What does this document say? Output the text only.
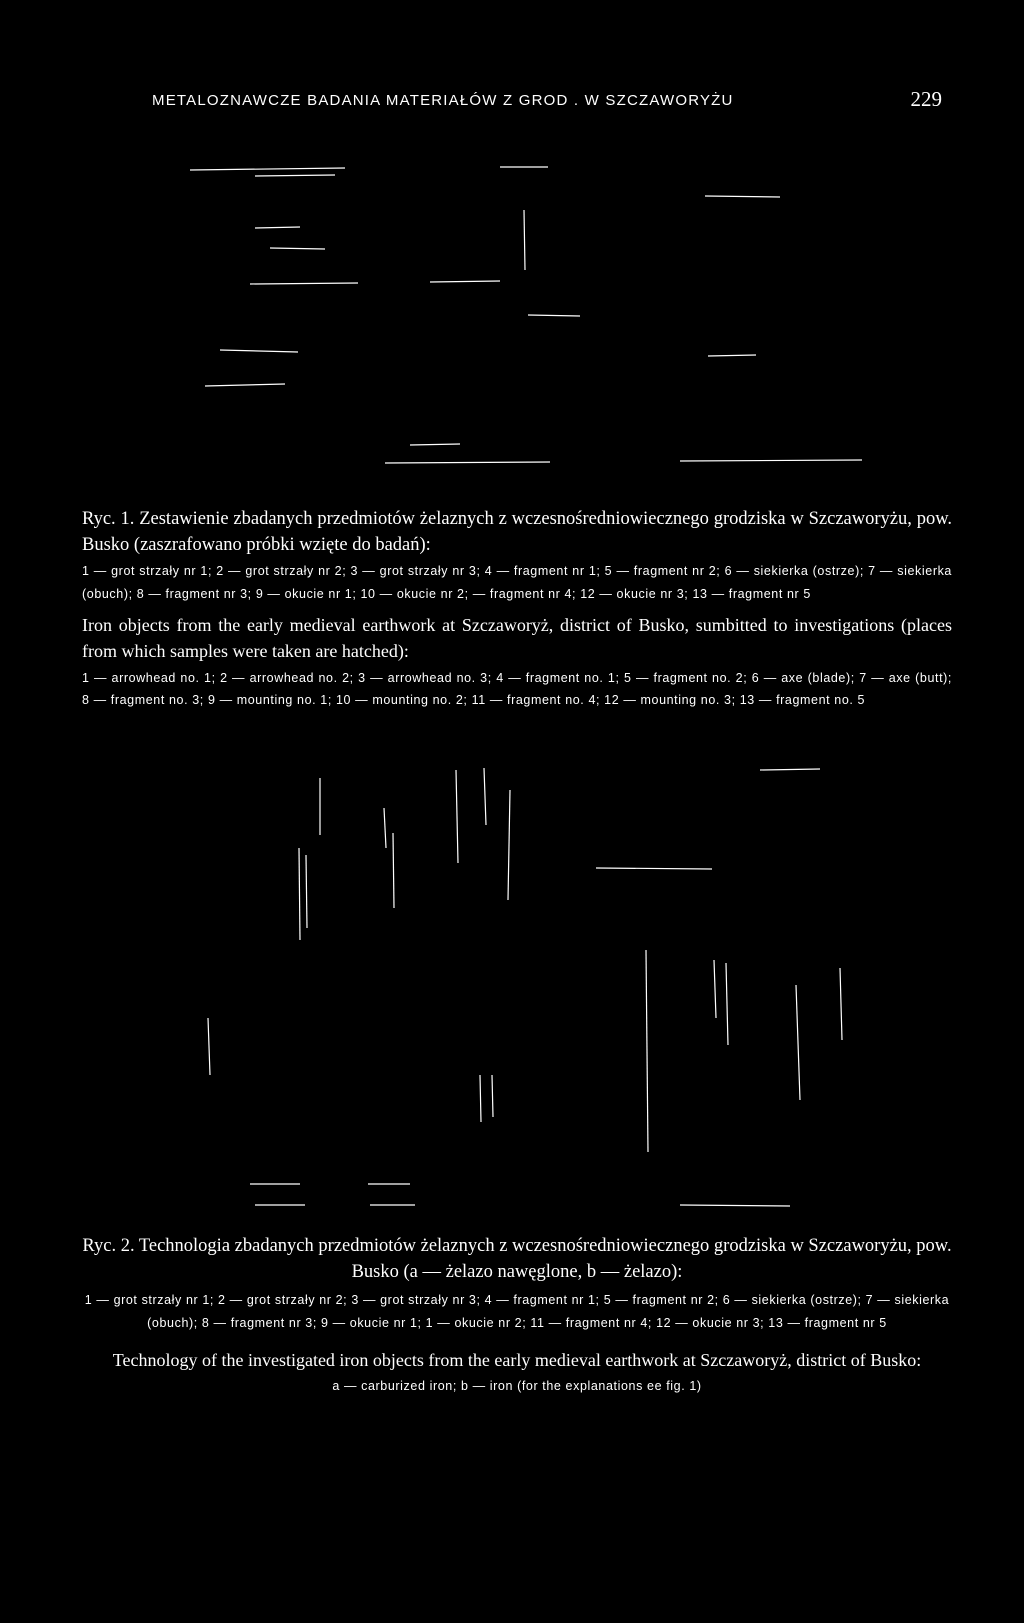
METALOZNAWCZE BADANIA MATERIAŁÓW Z GROD . W SZCZAWORYŻU	229
Ryc. 1. Zestawienie zbadanych przedmiotów żelaznych z wczesnośredniowiecznego grodziska w Szczaworyżu, pow. Busko (zaszrafowano próbki wzięte do badań):
1 — grot strzały nr 1; 2 — grot strzały nr 2; 3 — grot strzały nr 3; 4 — fragment nr 1; 5 — fragment nr 2; 6 — siekierka (ostrze); 7 — siekierka (obuch); 8 — fragment nr 3; 9 — okucie nr 1; 10 — okucie nr 2; — fragment nr 4; 12 — okucie nr 3; 13 — fragment nr 5
Iron objects from the early medieval earthwork at Szczaworyż, district of Busko, sumbitted to investigations (places from which samples were taken are hatched):
1 — arrowhead no. 1; 2 — arrowhead no. 2; 3 — arrowhead no. 3; 4 — fragment no. 1; 5 — fragment no. 2; 6 — axe (blade); 7 — axe (butt); 8 — fragment no. 3; 9 — mounting no. 1; 10 — mounting no. 2; 11 — fragment no. 4; 12 — mounting no. 3; 13 — fragment no. 5
Ryc. 2. Technologia zbadanych przedmiotów żelaznych z wczesnośredniowiecznego grodziska w Szczaworyżu, pow. Busko (a — żelazo nawęglone, b — żelazo):
1 — grot strzały nr 1; 2 — grot strzały nr 2; 3 — grot strzały nr 3; 4 — fragment nr 1; 5 — fragment nr 2; 6 — siekierka (ostrze); 7 — siekierka (obuch); 8 — fragment nr 3; 9 — okucie nr 1; 1 — okucie nr 2; 11 — fragment nr 4; 12 — okucie nr 3; 13 — fragment nr 5
Technology of the investigated iron objects from the early medieval earthwork at Szczaworyż, district of Busko:
a — carburized iron; b — iron (for the explanations ee fig. 1)
